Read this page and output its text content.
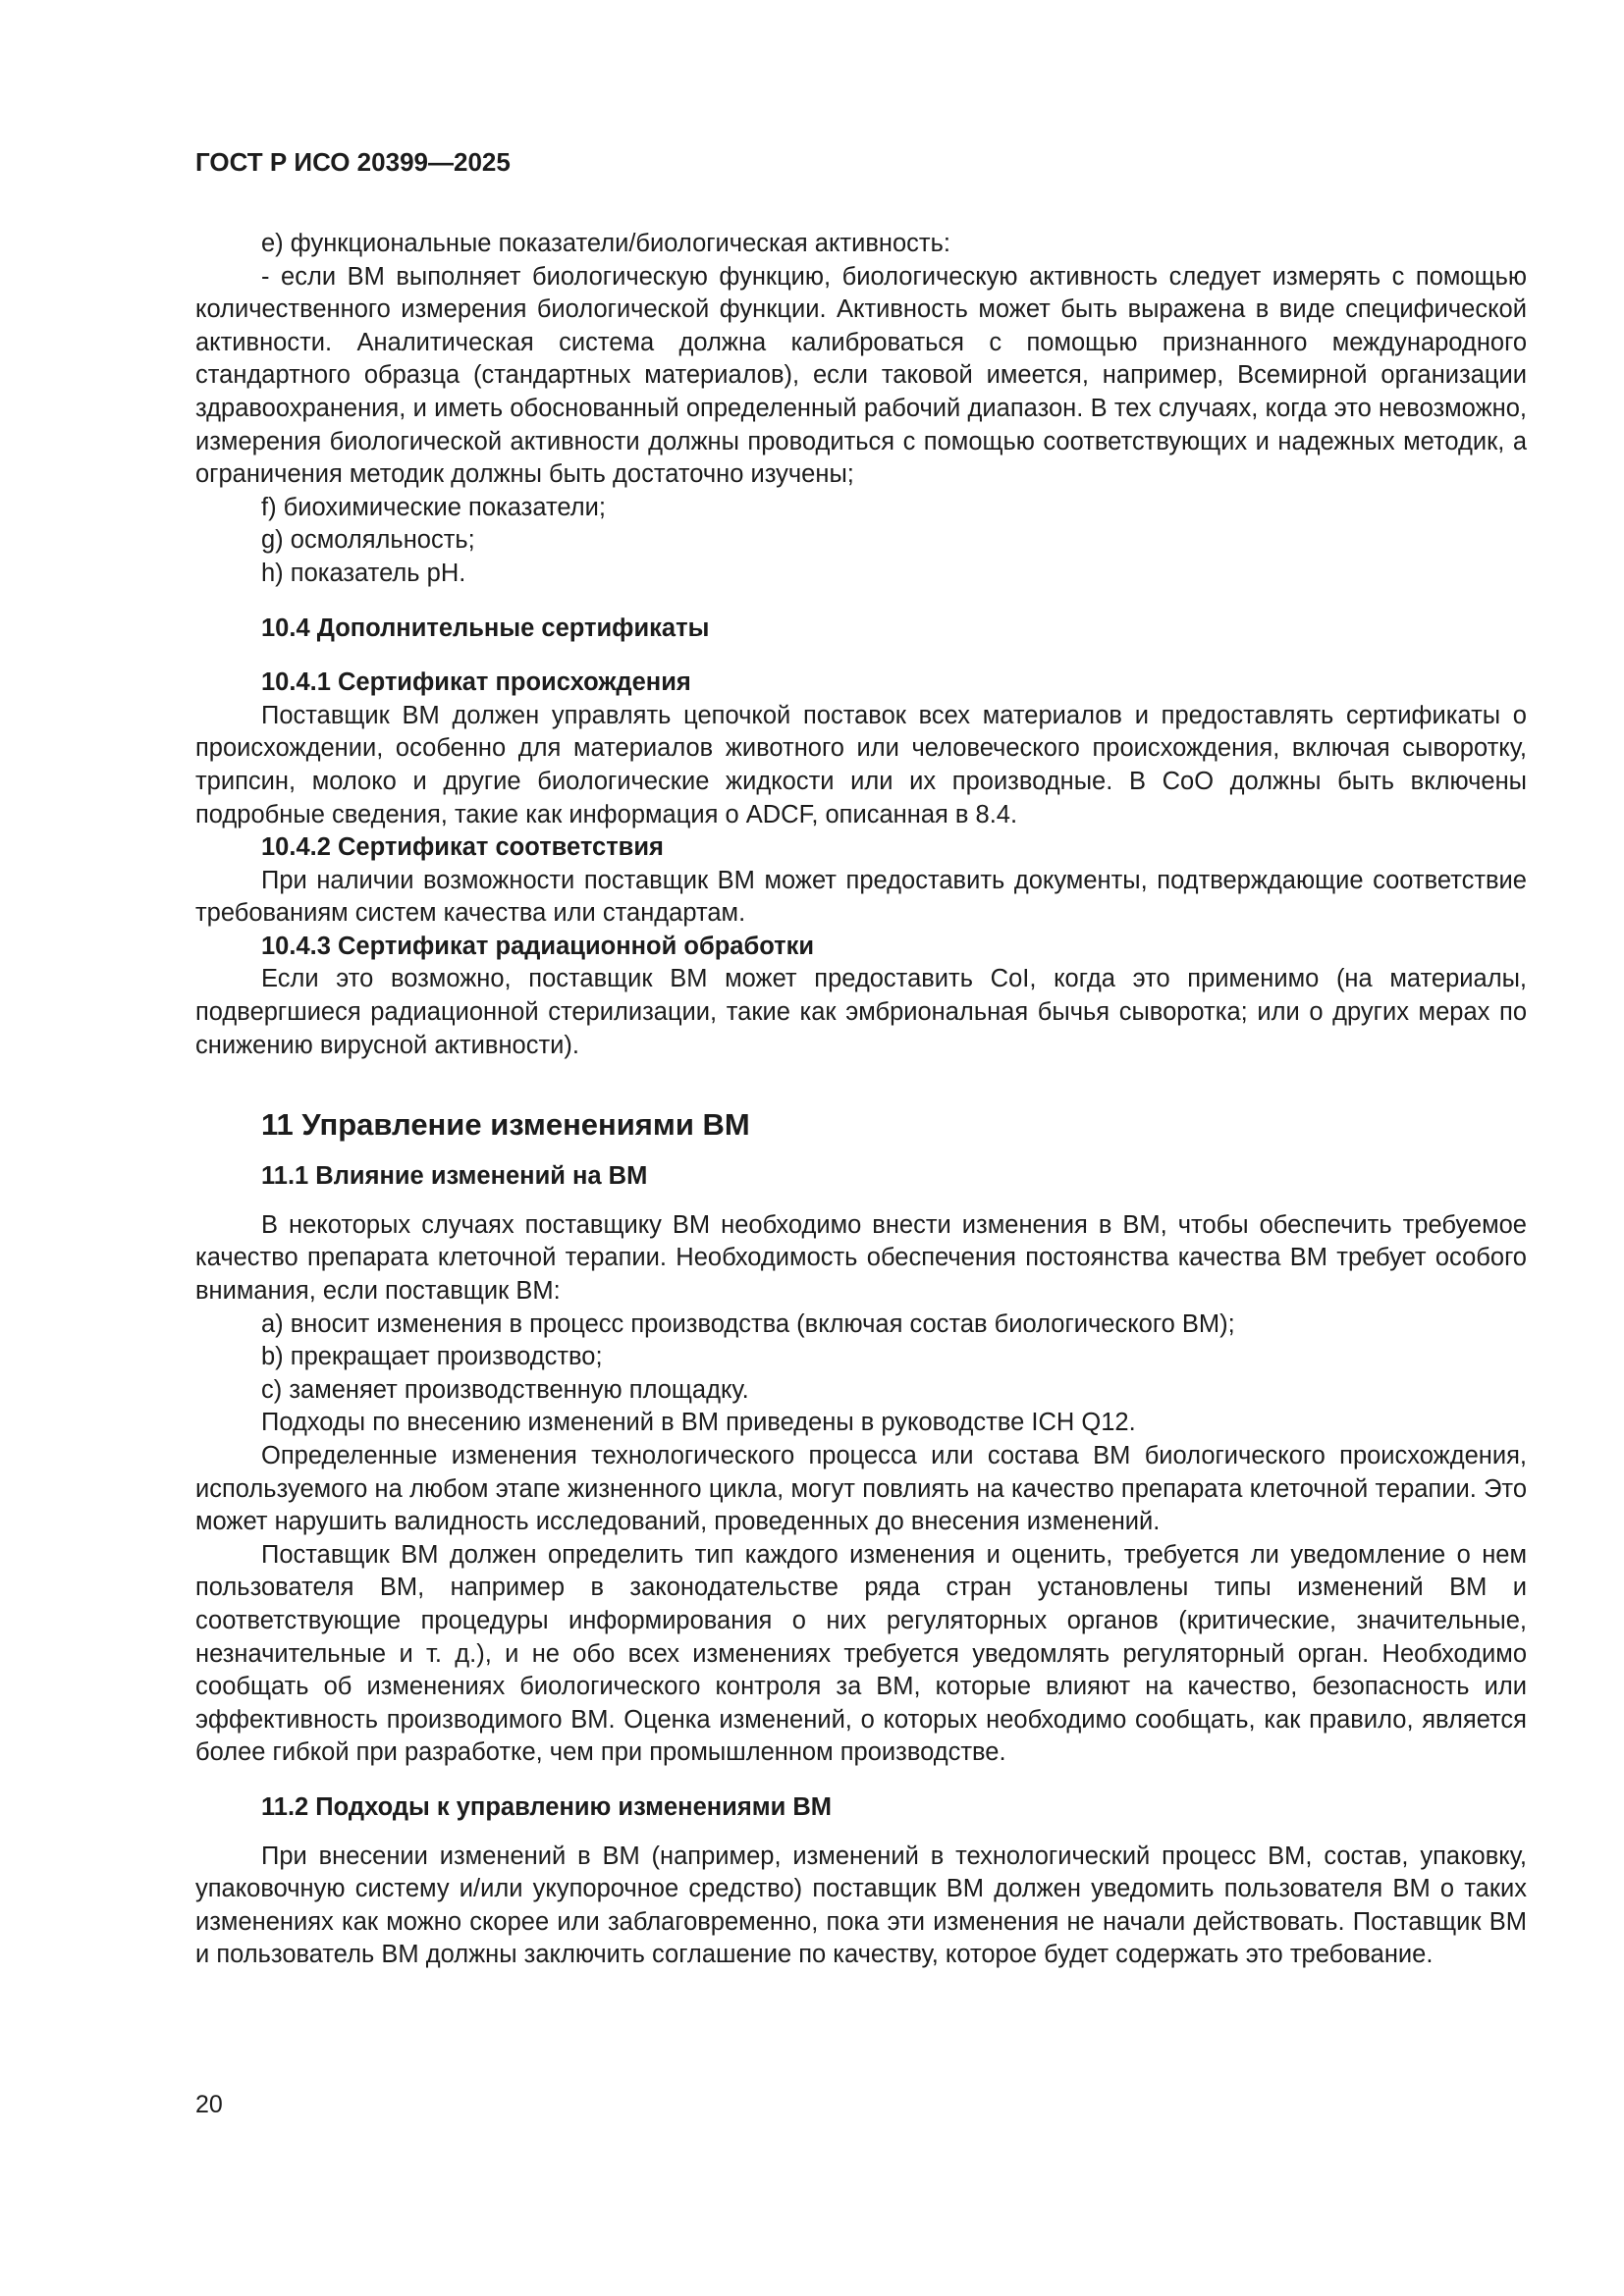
ГОСТ Р ИСО 20399—2025

e) функциональные показатели/биологическая активность:

- если ВМ выполняет биологическую функцию, биологическую активность следует измерять с помощью количественного измерения биологической функции. Активность может быть выражена в виде специфической активности. Аналитическая система должна калиброваться с помощью признанного международного стандартного образца (стандартных материалов), если таковой имеется, например, Всемирной организации здравоохранения, и иметь обоснованный определенный рабочий диапазон. В тех случаях, когда это невозможно, измерения биологической активности должны проводиться с помощью соответствующих и надежных методик, а ограничения методик должны быть достаточно изучены;

f) биохимические показатели;

g) осмоляльность;

h) показатель pH.

10.4 Дополнительные сертификаты
10.4.1 Сертификат происхождения

Поставщик ВМ должен управлять цепочкой поставок всех материалов и предоставлять сертификаты о происхождении, особенно для материалов животного или человеческого происхождения, включая сыворотку, трипсин, молоко и другие биологические жидкости или их производные. В CoO должны быть включены подробные сведения, такие как информация о ADCF, описанная в 8.4.

10.4.2 Сертификат соответствия

При наличии возможности поставщик ВМ может предоставить документы, подтверждающие соответствие требованиям систем качества или стандартам.

10.4.3 Сертификат радиационной обработки

Если это возможно, поставщик ВМ может предоставить CoI, когда это применимо (на материалы, подвергшиеся радиационной стерилизации, такие как эмбриональная бычья сыворотка; или о других мерах по снижению вирусной активности).

11 Управление изменениями ВМ
11.1 Влияние изменений на ВМ

В некоторых случаях поставщику ВМ необходимо внести изменения в ВМ, чтобы обеспечить требуемое качество препарата клеточной терапии. Необходимость обеспечения постоянства качества ВМ требует особого внимания, если поставщик ВМ:

a) вносит изменения в процесс производства (включая состав биологического ВМ);

b) прекращает производство;

c) заменяет производственную площадку.

Подходы по внесению изменений в ВМ приведены в руководстве ICH Q12.

Определенные изменения технологического процесса или состава ВМ биологического происхождения, используемого на любом этапе жизненного цикла, могут повлиять на качество препарата клеточной терапии. Это может нарушить валидность исследований, проведенных до внесения изменений.

Поставщик ВМ должен определить тип каждого изменения и оценить, требуется ли уведомление о нем пользователя ВМ, например в законодательстве ряда стран установлены типы изменений ВМ и соответствующие процедуры информирования о них регуляторных органов (критические, значительные, незначительные и т. д.), и не обо всех изменениях требуется уведомлять регуляторный орган. Необходимо сообщать об изменениях биологического контроля за ВМ, которые влияют на качество, безопасность или эффективность производимого ВМ. Оценка изменений, о которых необходимо сообщать, как правило, является более гибкой при разработке, чем при промышленном производстве.

11.2 Подходы к управлению изменениями ВМ

При внесении изменений в ВМ (например, изменений в технологический процесс ВМ, состав, упаковку, упаковочную систему и/или укупорочное средство) поставщик ВМ должен уведомить пользователя ВМ о таких изменениях как можно скорее или заблаговременно, пока эти изменения не начали действовать. Поставщик ВМ и пользователь ВМ должны заключить соглашение по качеству, которое будет содержать это требование.

20
